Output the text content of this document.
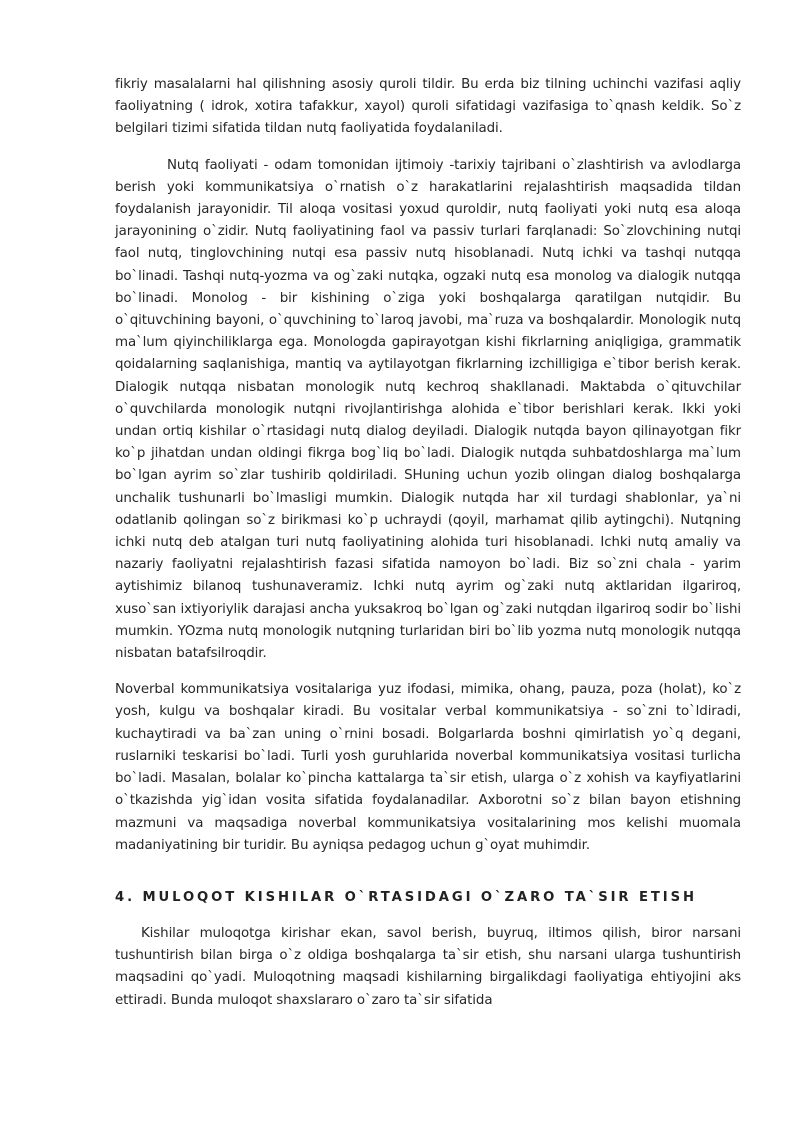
fikriy masalalarni hal qilishning asosiy quroli tildir. Bu erda biz tilning uchinchi vazifasi aqliy faoliyatning ( idrok, xotira tafakkur, xayol) quroli sifatidagi vazifasiga to`qnash keldik. So`z belgilari tizimi sifatida tildan nutq faoliyatida foydalaniladi.

Nutq faoliyati - odam tomonidan ijtimoiy -tarixiy tajribani o`zlashtirish va avlodlarga berish yoki kommunikatsiya o`rnatish o`z harakatlarini rejalashtirish maqsadida tildan foydalanish jarayonidir. Til aloqa vositasi yoxud quroldir, nutq faoliyati yoki nutq esa aloqa jarayonining o`zidir. Nutq faoliyatining faol va passiv turlari farqlanadi: So`zlovchining nutqi faol nutq, tinglovchining nutqi esa passiv nutq hisoblanadi. Nutq ichki va tashqi nutqqa bo`linadi. Tashqi nutq-yozma va og`zaki nutqka, ogzaki nutq esa monolog va dialogik nutqqa bo`linadi. Monolog - bir kishining o`ziga yoki boshqalarga qaratilgan nutqidir. Bu o`qituvchining bayoni, o`quvchining to`laroq javobi, ma`ruza va boshqalardir. Monologik nutq ma`lum qiyinchiliklarga ega. Monologda gapirayotgan kishi fikrlarning aniqligiga, grammatik qoidalarning saqlanishiga, mantiq va aytilayotgan fikrlarning izchilligiga e`tibor berish kerak. Dialogik nutqqa nisbatan monologik nutq kechroq shakllanadi. Maktabda o`qituvchilar o`quvchilarda monologik nutqni rivojlantirishga alohida e`tibor berishlari kerak. Ikki yoki undan ortiq kishilar o`rtasidagi nutq dialog deyiladi. Dialogik nutqda bayon qilinayotgan fikr ko`p jihatdan undan oldingi fikrga bog`liq bo`ladi. Dialogik nutqda suhbatdoshlarga ma`lum bo`lgan ayrim so`zlar tushirib qoldiriladi. SHuning uchun yozib olingan dialog boshqalarga unchalik tushunarli bo`lmasligi mumkin. Dialogik nutqda har xil turdagi shablonlar, ya`ni odatlanib qolingan so`z birikmasi ko`p uchraydi (qoyil, marhamat qilib aytingchi). Nutqning ichki nutq deb atalgan turi nutq faoliyatining alohida turi hisoblanadi. Ichki nutq amaliy va nazariy faoliyatni rejalashtirish fazasi sifatida namoyon bo`ladi. Biz so`zni chala - yarim aytishimiz bilanoq tushunaveramiz. Ichki nutq ayrim og`zaki nutq aktlaridan ilgariroq, xuso`san ixtiyoriylik darajasi ancha yuksakroq bo`lgan og`zaki nutqdan ilgariroq sodir bo`lishi mumkin. YOzma nutq monologik nutqning turlaridan biri bo`lib yozma nutq monologik nutqqa nisbatan batafsilroqdir.

Noverbal kommunikatsiya vositalariga yuz ifodasi, mimika, ohang, pauza, poza (holat), ko`z yosh, kulgu va boshqalar kiradi. Bu vositalar verbal kommunikatsiya - so`zni to`ldiradi, kuchaytiradi va ba`zan uning o`rnini bosadi. Bolgarlarda boshni qimirlatish yo`q degani, ruslarniki teskarisi bo`ladi. Turli yosh guruhlarida noverbal kommunikatsiya vositasi turlicha bo`ladi. Masalan, bolalar ko`pincha kattalarga ta`sir etish, ularga o`z xohish va kayfiyatlarini o`tkazishda yig`idan vosita sifatida foydalanadilar. Axborotni so`z bilan bayon etishning mazmuni va maqsadiga noverbal kommunikatsiya vositalarining mos kelishi muomala madaniyatining bir turidir. Bu ayniqsa pedagog uchun g`oyat muhimdir.

4. MULOQOT KISHILAR O`RTASIDAGI O`ZARO TA`SIR ETISH

Kishilar muloqotga kirishar ekan, savol berish, buyruq, iltimos qilish, biror narsani tushuntirish bilan birga o`z oldiga boshqalarga ta`sir etish, shu narsani ularga tushuntirish maqsadini qo`yadi. Muloqotning maqsadi kishilarning birgalikdagi faoliyatiga ehtiyojini aks ettiradi. Bunda muloqot shaxslararo o`zaro ta`sir sifatida
